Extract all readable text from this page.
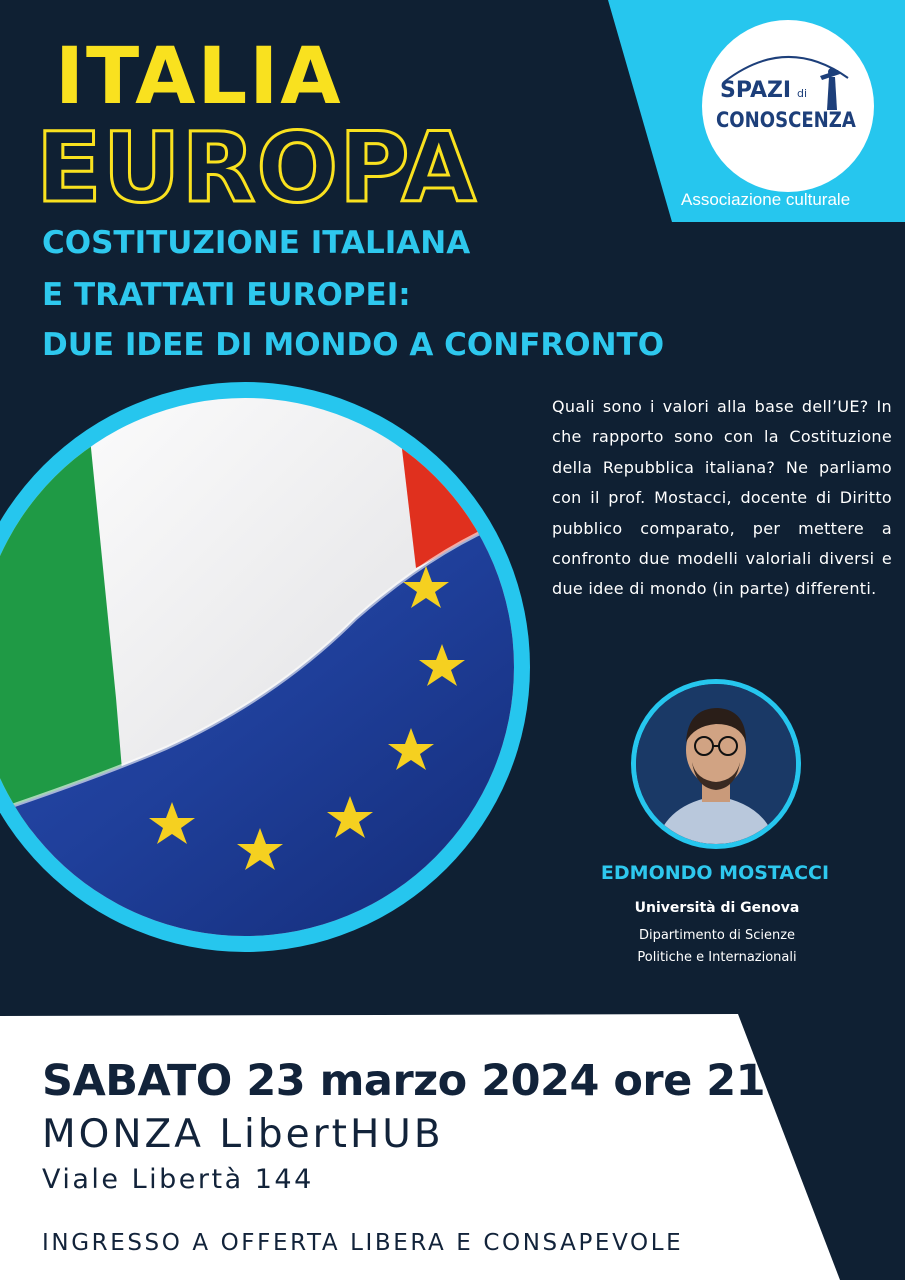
SPAZI di
CONOSCENZA
Associazione culturale
ITALIA
EUROPA
COSTITUZIONE ITALIANA
E TRATTATI EUROPEI:
DUE IDEE DI MONDO A CONFRONTO
Quali sono i valori alla base dell’UE? In che rapporto sono con la Costituzione della Repubblica italiana? Ne parliamo con il prof. Mostacci, docente di Diritto pubblico comparato, per mettere a confronto due modelli valoriali diversi e due idee di mondo (in parte) differenti.
EDMONDO MOSTACCI
Università di Genova
Dipartimento di Scienze
Politiche e Internazionali
SABATO 23 marzo 2024 ore 21
MONZA LibertHUB
Viale Libertà 144
INGRESSO A OFFERTA LIBERA E CONSAPEVOLE
